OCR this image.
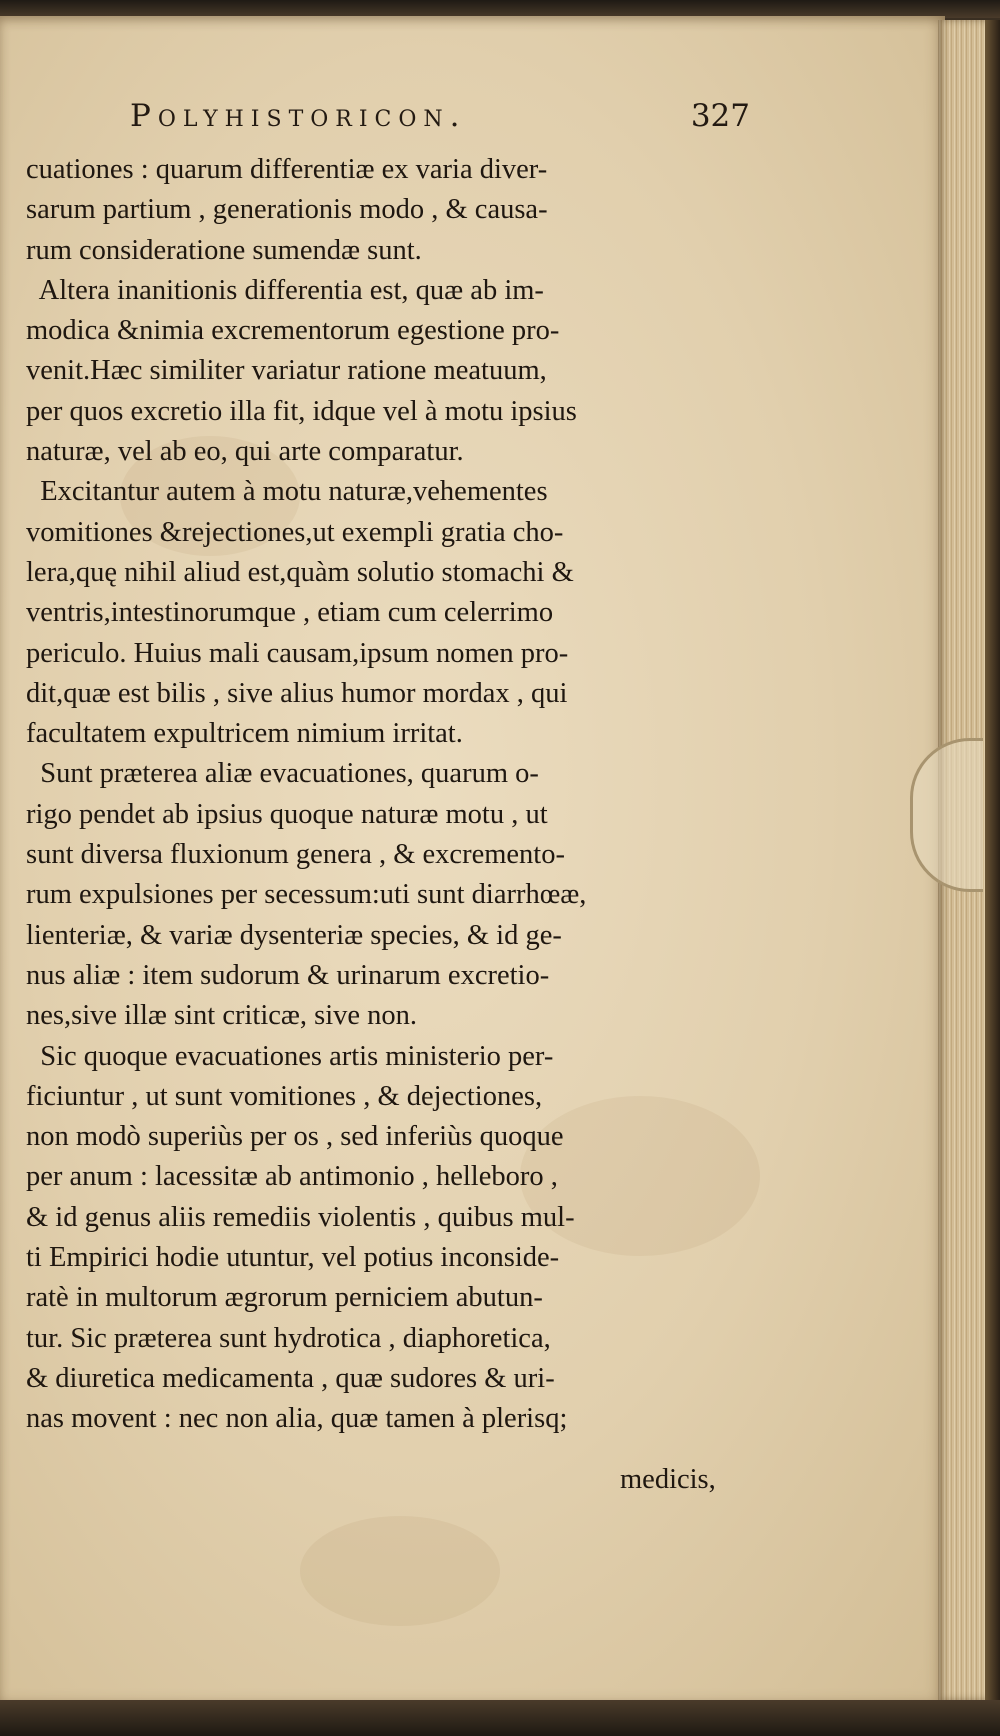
Polyhistoricon.	327
cuationes : quarum differentiæ ex varia diver-
sarum partium , generationis modo , & causa-
rum consideratione sumendæ sunt.
Altera inanitionis differentia est, quæ ab im-
modica &nimia excrementorum egestione pro-
venit.Hæc similiter variatur ratione meatuum,
per quos excretio illa fit, idque vel à motu ipsius
naturæ, vel ab eo, qui arte comparatur.
Excitantur autem à motu naturæ,vehementes
vomitiones &rejectiones,ut exempli gratia cho-
lera,quę nihil aliud est,quàm solutio stomachi &
ventris,intestinorumque , etiam cum celerrimo
periculo. Huius mali causam,ipsum nomen pro-
dit,quæ est bilis , sive alius humor mordax , qui
facultatem expultricem nimium irritat.
Sunt præterea aliæ evacuationes, quarum o-
rigo pendet ab ipsius quoque naturæ motu , ut
sunt diversa fluxionum genera , & excremento-
rum expulsiones per secessum:uti sunt diarrhœæ,
lienteriæ, & variæ dysenteriæ species, & id ge-
nus aliæ : item sudorum & urinarum excretio-
nes,sive illæ sint criticæ, sive non.
Sic quoque evacuationes artis ministerio per-
ficiuntur , ut sunt vomitiones , & dejectiones,
non modò superiùs per os , sed inferiùs quoque
per anum : lacessitæ ab antimonio , helleboro ,
& id genus aliis remediis violentis , quibus mul-
ti Empirici hodie utuntur, vel potius inconside-
ratè in multorum ægrorum perniciem abutun-
tur. Sic præterea sunt hydrotica , diaphoretica,
& diuretica medicamenta , quæ sudores & uri-
nas movent : nec non alia, quæ tamen à plerisq;
medicis,
